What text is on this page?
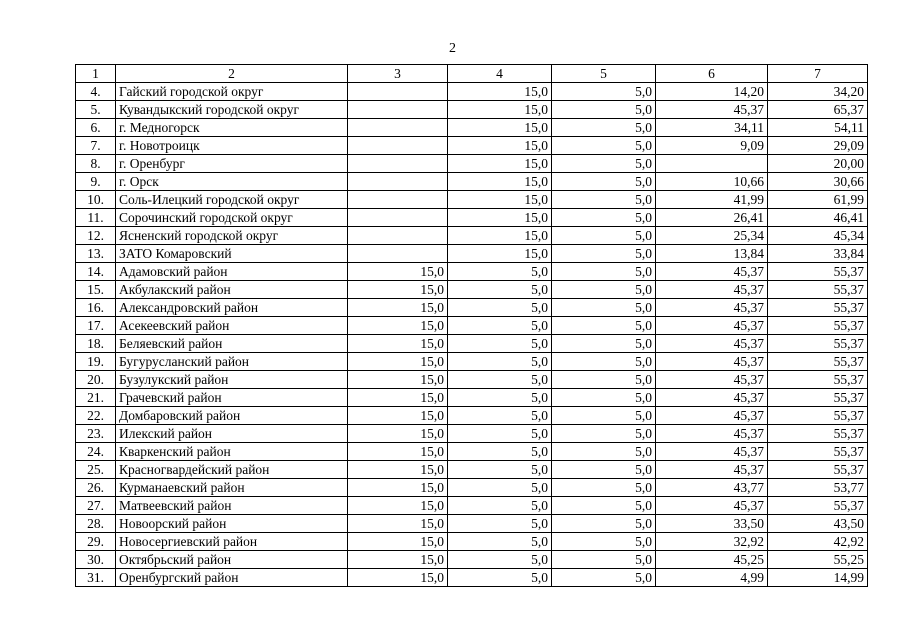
2
1	2	3	4	5	6	7
4.	Гайский городской округ		15,0	5,0	14,20	34,20
5.	Кувандыкский городской округ		15,0	5,0	45,37	65,37
6.	г. Медногорск		15,0	5,0	34,11	54,11
7.	г. Новотроицк		15,0	5,0	9,09	29,09
8.	г. Оренбург		15,0	5,0		20,00
9.	г. Орск		15,0	5,0	10,66	30,66
10.	Соль-Илецкий городской округ		15,0	5,0	41,99	61,99
11.	Сорочинский городской округ		15,0	5,0	26,41	46,41
12.	Ясненский городской округ		15,0	5,0	25,34	45,34
13.	ЗАТО Комаровский		15,0	5,0	13,84	33,84
14.	Адамовский район	15,0	5,0	5,0	45,37	55,37
15.	Акбулакский район	15,0	5,0	5,0	45,37	55,37
16.	Александровский район	15,0	5,0	5,0	45,37	55,37
17.	Асекеевский район	15,0	5,0	5,0	45,37	55,37
18.	Беляевский район	15,0	5,0	5,0	45,37	55,37
19.	Бугурусланский район	15,0	5,0	5,0	45,37	55,37
20.	Бузулукский район	15,0	5,0	5,0	45,37	55,37
21.	Грачевский район	15,0	5,0	5,0	45,37	55,37
22.	Домбаровский район	15,0	5,0	5,0	45,37	55,37
23.	Илекский район	15,0	5,0	5,0	45,37	55,37
24.	Кваркенский район	15,0	5,0	5,0	45,37	55,37
25.	Красногвардейский район	15,0	5,0	5,0	45,37	55,37
26.	Курманаевский район	15,0	5,0	5,0	43,77	53,77
27.	Матвеевский район	15,0	5,0	5,0	45,37	55,37
28.	Новоорский район	15,0	5,0	5,0	33,50	43,50
29.	Новосергиевский район	15,0	5,0	5,0	32,92	42,92
30.	Октябрьский район	15,0	5,0	5,0	45,25	55,25
31.	Оренбургский район	15,0	5,0	5,0	4,99	14,99
